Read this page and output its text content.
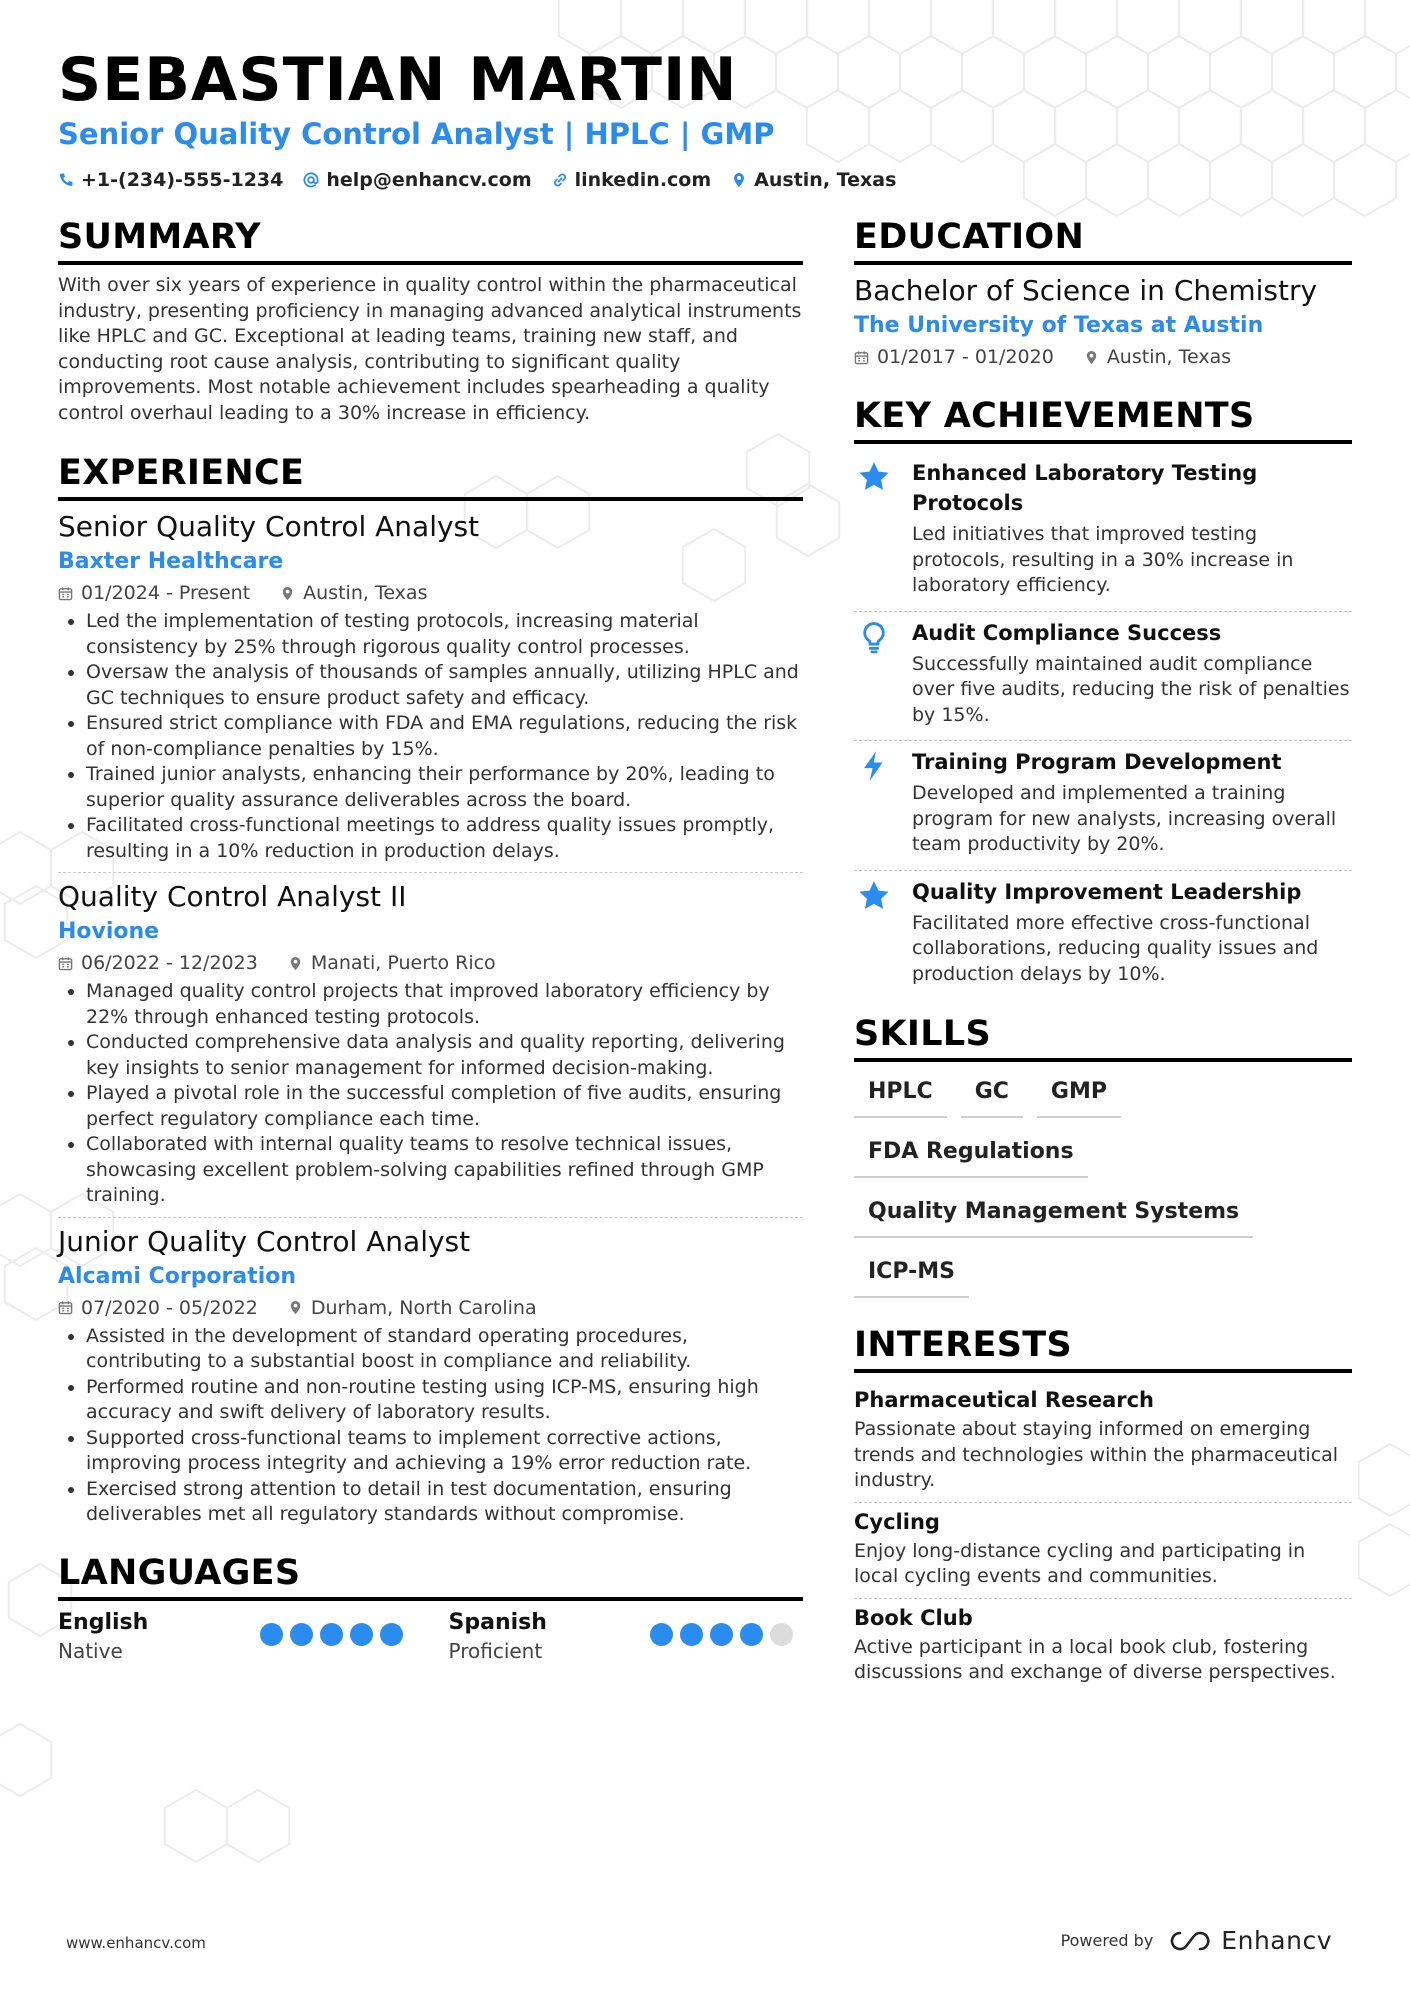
SEBASTIAN MARTIN
Senior Quality Control Analyst | HPLC | GMP
+1-(234)-555-1234 help@enhancv.com linkedin.com Austin, Texas
SUMMARY

With over six years of experience in quality control within the pharmaceutical industry, presenting proficiency in managing advanced analytical instruments like HPLC and GC. Exceptional at leading teams, training new staff, and conducting root cause analysis, contributing to significant quality improvements. Most notable achievement includes spearheading a quality control overhaul leading to a 30% increase in efficiency.

EXPERIENCE
Senior Quality Control Analyst
Baxter Healthcare
01/2024 - Present	Austin, Texas
• Led the implementation of testing protocols, increasing material consistency by 25% through rigorous quality control processes.
• Oversaw the analysis of thousands of samples annually, utilizing HPLC and GC techniques to ensure product safety and efficacy.
• Ensured strict compliance with FDA and EMA regulations, reducing the risk of non-compliance penalties by 15%.
• Trained junior analysts, enhancing their performance by 20%, leading to superior quality assurance deliverables across the board.
• Facilitated cross-functional meetings to address quality issues promptly, resulting in a 10% reduction in production delays.
Quality Control Analyst II
Hovione
06/2022 - 12/2023	Manati, Puerto Rico
• Managed quality control projects that improved laboratory efficiency by 22% through enhanced testing protocols.
• Conducted comprehensive data analysis and quality reporting, delivering key insights to senior management for informed decision-making.
• Played a pivotal role in the successful completion of five audits, ensuring perfect regulatory compliance each time.
• Collaborated with internal quality teams to resolve technical issues, showcasing excellent problem-solving capabilities refined through GMP training.
Junior Quality Control Analyst
Alcami Corporation
07/2020 - 05/2022	Durham, North Carolina
• Assisted in the development of standard operating procedures, contributing to a substantial boost in compliance and reliability.
• Performed routine and non-routine testing using ICP-MS, ensuring high accuracy and swift delivery of laboratory results.
• Supported cross-functional teams to implement corrective actions, improving process integrity and achieving a 19% error reduction rate.
• Exercised strong attention to detail in test documentation, ensuring deliverables met all regulatory standards without compromise.
LANGUAGES
English
Native
Spanish
Proficient
EDUCATION
Bachelor of Science in Chemistry
The University of Texas at Austin
01/2017 - 01/2020	Austin, Texas
KEY ACHIEVEMENTS
Enhanced Laboratory Testing Protocols
Led initiatives that improved testing protocols, resulting in a 30% increase in laboratory efficiency.
Audit Compliance Success
Successfully maintained audit compliance over five audits, reducing the risk of penalties by 15%.
Training Program Development
Developed and implemented a training program for new analysts, increasing overall team productivity by 20%.
Quality Improvement Leadership
Facilitated more effective cross-functional collaborations, reducing quality issues and production delays by 10%.
SKILLS
HPLC	GC	GMP
FDA Regulations
Quality Management Systems
ICP-MS
INTERESTS
Pharmaceutical Research
Passionate about staying informed on emerging trends and technologies within the pharmaceutical industry.
Cycling
Enjoy long-distance cycling and participating in local cycling events and communities.
Book Club
Active participant in a local book club, fostering discussions and exchange of diverse perspectives.
www.enhancv.com	Powered by	Enhancv
